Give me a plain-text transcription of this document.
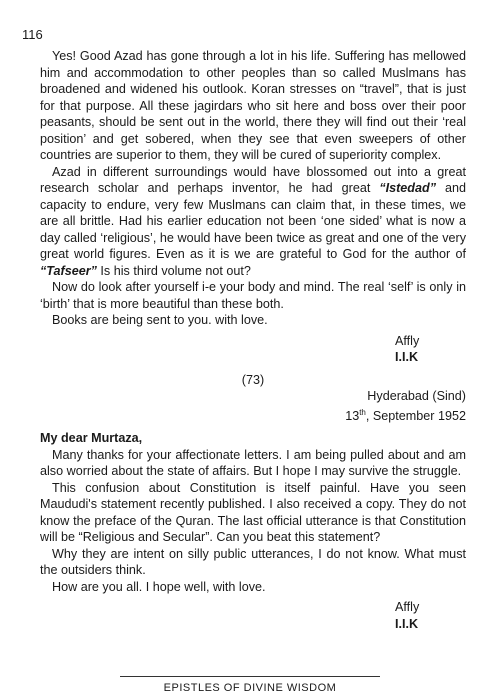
116

Yes! Good Azad has gone through a lot in his life. Suffering has mellowed him and accommodation to other peoples than so called Muslmans has broadened and widened his outlook. Koran stresses on “travel”, that is just for that purpose. All these jagirdars who sit here and boss over their poor peasants, should be sent out in the world, there they will find out their ‘real position’ and get sobered, when they see that even sweepers of other countries are superior to them, they will be cured of superiority complex.

Azad in different surroundings would have blossomed out into a great research scholar and perhaps inventor, he had great “Istedad” and capacity to endure, very few Muslmans can claim that, in these times, we are all brittle. Had his earlier education not been ‘one sided’ what is now a day called ‘religious’, he would have been twice as great and one of the very great world figures. Even as it is we are grateful to God for the author of “Tafseer” Is his third volume not out?

Now do look after yourself i-e your body and mind. The real ‘self’ is only in ‘birth’ that is more beautiful than these both.

Books are being sent to you. with love.

Affly

I.I.K

(73)

Hyderabad (Sind)

13th, September 1952

My dear Murtaza,

Many thanks for your affectionate letters. I am being pulled about and am also worried about the state of affairs. But I hope I may survive the struggle.

This confusion about Constitution is itself painful. Have you seen Maududi's statement recently published. I also received a copy. They do not know the preface of the Quran. The last official utterance is that Constitution will be “Religious and Secular”. Can you beat this statement?

Why they are intent on silly public utterances, I do not know. What must the outsiders think.

How are you all. I hope well, with love.

Affly

I.I.K

EPISTLES OF DIVINE WISDOM
